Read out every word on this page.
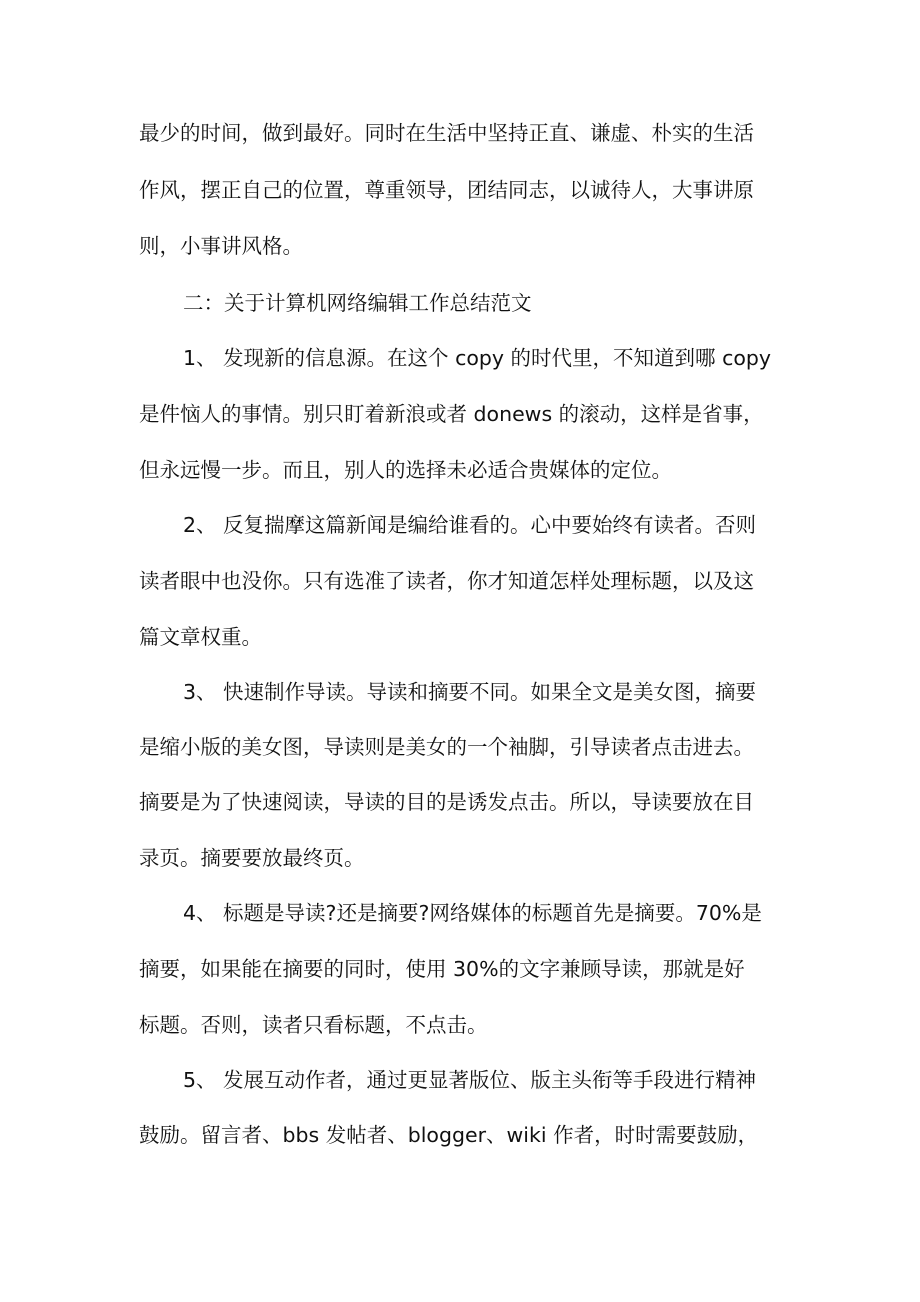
最少的时间，做到最好。同时在生活中坚持正直、谦虚、朴实的生活
作风，摆正自己的位置，尊重领导，团结同志，以诚待人，大事讲原
则，小事讲风格。
二：关于计算机网络编辑工作总结范文
1、 发现新的信息源。在这个 copy 的时代里，不知道到哪 copy
是件恼人的事情。别只盯着新浪或者 donews 的滚动，这样是省事，
但永远慢一步。而且，别人的选择未必适合贵媒体的定位。
2、 反复揣摩这篇新闻是编给谁看的。心中要始终有读者。否则
读者眼中也没你。只有选准了读者，你才知道怎样处理标题，以及这
篇文章权重。
3、 快速制作导读。导读和摘要不同。如果全文是美女图，摘要
是缩小版的美女图，导读则是美女的一个袖脚，引导读者点击进去。
摘要是为了快速阅读，导读的目的是诱发点击。所以，导读要放在目
录页。摘要要放最终页。
4、 标题是导读?还是摘要?网络媒体的标题首先是摘要。70%是
摘要，如果能在摘要的同时，使用 30%的文字兼顾导读，那就是好
标题。否则，读者只看标题，不点击。
5、 发展互动作者，通过更显著版位、版主头衔等手段进行精神
鼓励。留言者、bbs 发帖者、blogger、wiki 作者，时时需要鼓励，
